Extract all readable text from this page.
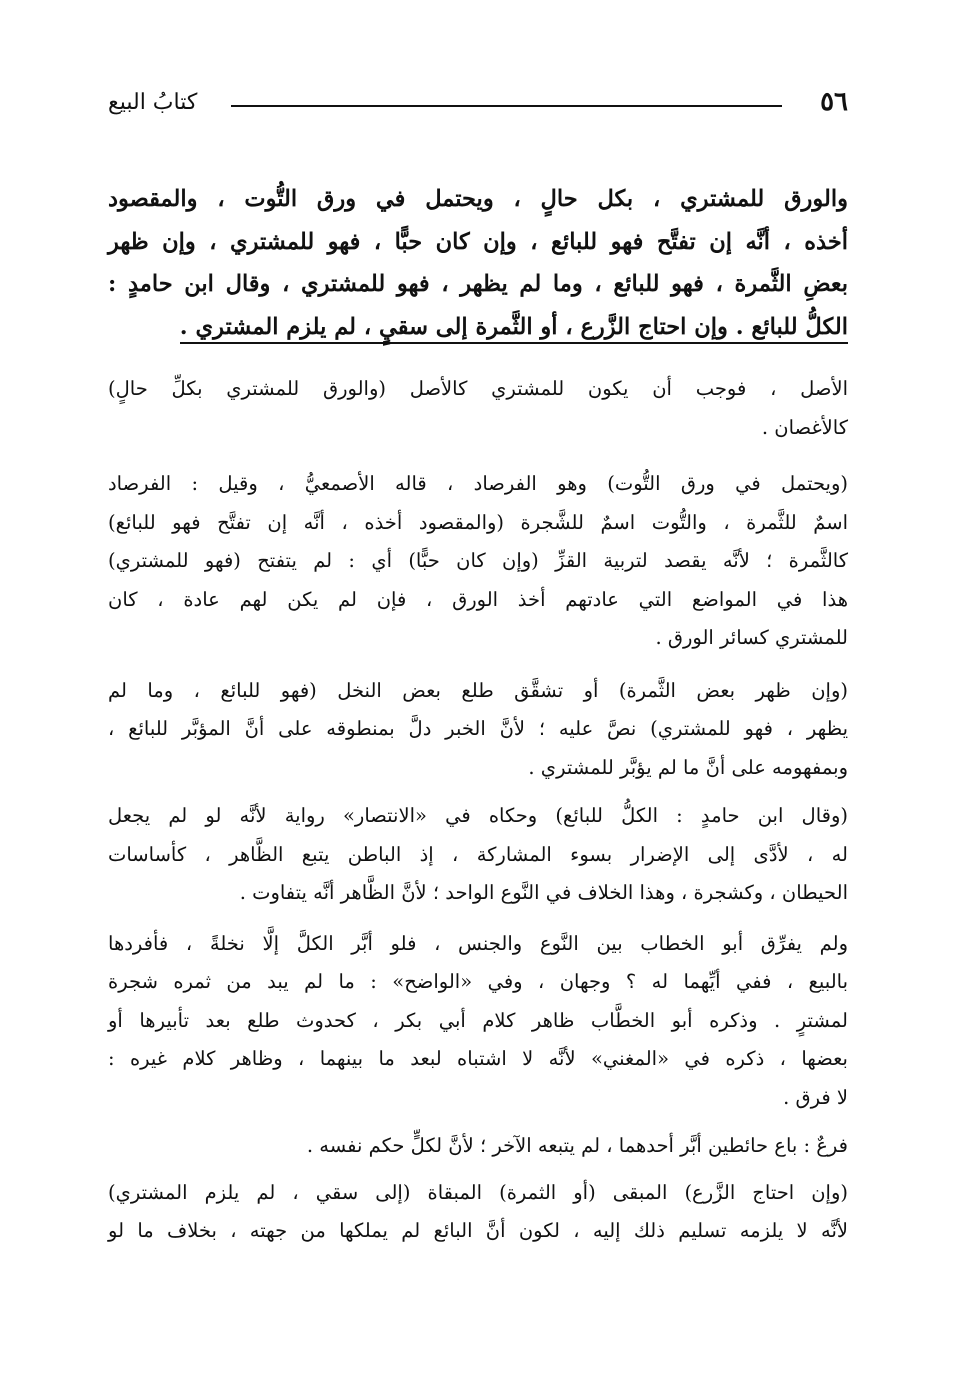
٥٦
كتابُ البيع

والورق للمشتري ، بكل حالٍ ، ويحتمل في ورق التُّوت ، والمقصود
أخذه ، أنَّه إن تفتَّح فهو للبائع ، وإن كان حبًّا ، فهو للمشتري ، وإن ظهر
بعضِ الثَّمرة ، فهو للبائع ، وما لم يظهر ، فهو للمشتري ، وقال ابن حامدٍ :
الكلُّ للبائع . وإن احتاج الزَّرع ، أو الثَّمرة إلى سقيٍ ، لم يلزم المشتري .

الأصل ، فوجب أن يكون للمشتري كالأصل (والورق للمشتري بكلِّ حالٍ)
كالأغصان .

(ويحتمل في ورق التُّوت) وهو الفرصاد ، قاله الأصمعيُّ ، وقيل : الفرصاد
اسمٌ للثَّمرة ، والتُّوت اسمٌ للشَّجرة (والمقصود أخذه ، أنَّه إن تفتَّح فهو للبائع)
كالثَّمرة ؛ لأنَّه يقصد لتربية القزِّ (وإن كان حبًّا) أي : لم يتفتح (فهو للمشتري)
هذا في المواضع التي عادتهم أخذ الورق ، فإن لم يكن لهم عادة ، كان
للمشتري كسائر الورق .

(وإن ظهر بعض الثَّمرة) أو تشقَّق طلع بعض النخل (فهو للبائع ، وما لم
يظهر ، فهو للمشتري) نصَّ عليه ؛ لأنَّ الخبر دلَّ بمنطوقه على أنَّ المؤبَّر للبائع ،
وبمفهومه على أنَّ ما لم يؤبَّر للمشتري .

(وقال ابن حامدٍ : الكلُّ للبائع) وحكاه في «الانتصار» رواية لأنَّه لو لم يجعل
له ، لأدَّى إلى الإضرار بسوء المشاركة ، إذ الباطن يتبع الظَّاهر ، كأساسات
الحيطان ، وكشجرة ، وهذا الخلاف في النَّوع الواحد ؛ لأنَّ الظَّاهر أنَّه يتفاوت .

ولم يفرِّق أبو الخطاب بين النَّوع والجنس ، فلو أبَّر الكلَّ إلَّا نخلةً ، فأفردها
بالبيع ، ففي أيِّهما له ؟ وجهان ، وفي «الواضح» : ما لم يبد من ثمره شجرة
لمشترٍ . وذكره أبو الخطَّاب ظاهر كلام أبي بكر ، كحدوث طلع بعد تأبيرها أو
بعضها ، ذكره في «المغني» لأنَّه لا اشتباه لبعد ما بينهما ، وظاهر كلام غيره :
لا فرق .

فرعٌ : باع حائطين أبَّر أحدهما ، لم يتبعه الآخر ؛ لأنَّ لكلٍّ حكم نفسه .

(وإن احتاج الزَّرع) المبقى (أو الثمرة) المبقاة (إلى سقي ، لم يلزم المشتري)
لأنَّه لا يلزمه تسليم ذلك إليه ، لكون أنَّ البائع لم يملكها من جهته ، بخلاف ما لو
